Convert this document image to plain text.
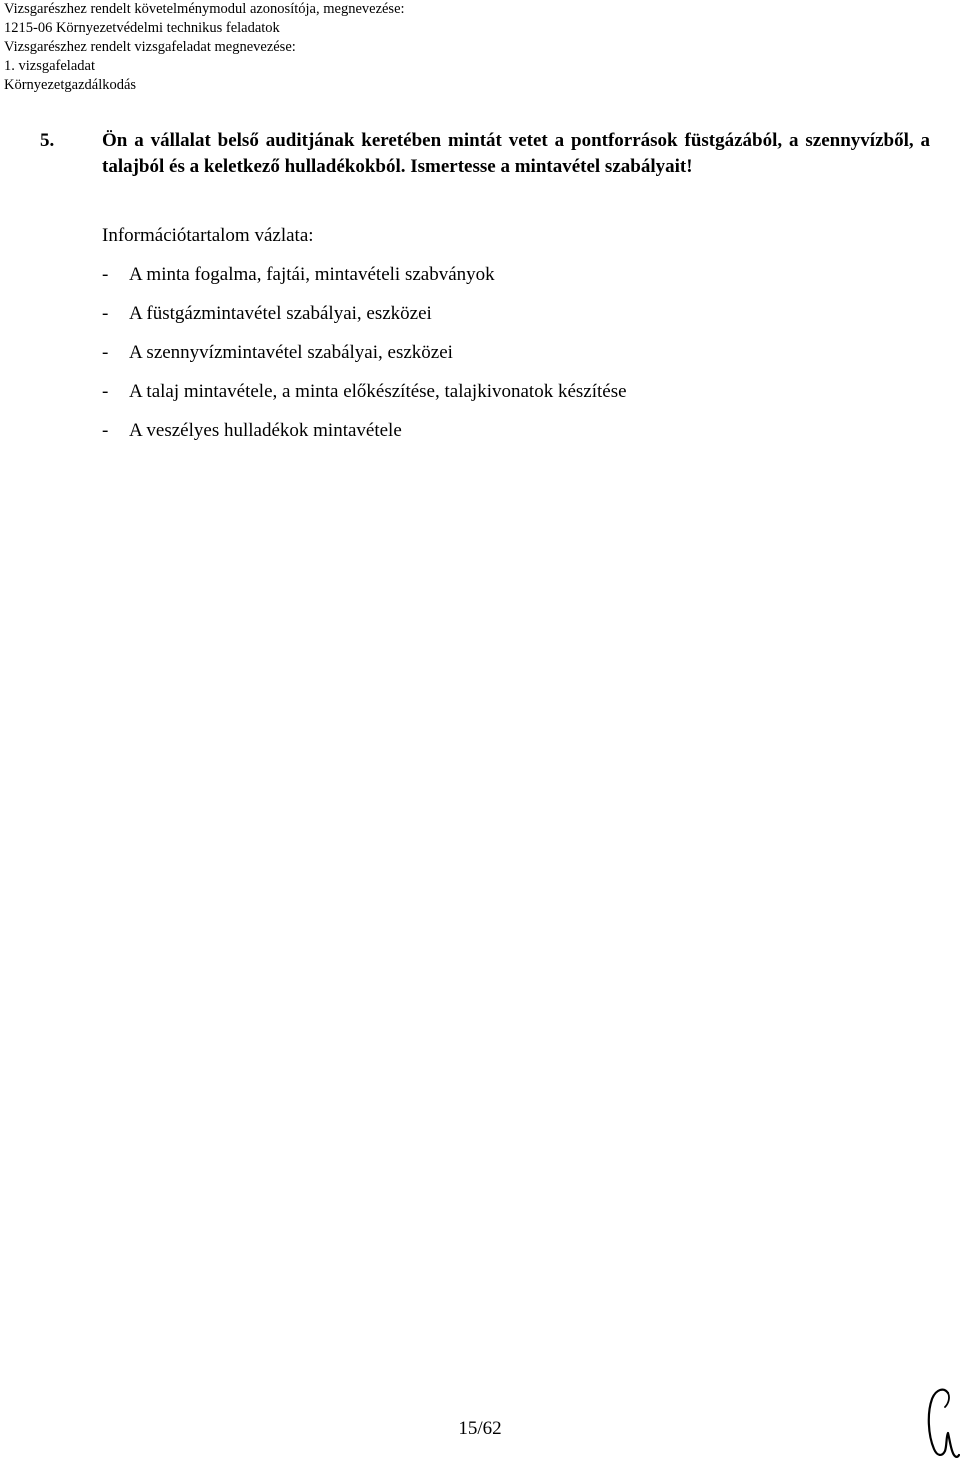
Vizsgarészhez rendelt követelménymodul azonosítója, megnevezése:
1215-06 Környezetvédelmi technikus feladatok
Vizsgarészhez rendelt vizsgafeladat megnevezése:
1. vizsgafeladat
Környezetgazdálkodás
5.	Ön a vállalat belső auditjának keretében mintát vetet a pontforrások füstgázából, a szennyvízből, a talajból és a keletkező hulladékokból. Ismertesse a mintavétel szabályait!
Információtartalom vázlata:
-	A minta fogalma, fajtái, mintavételi szabványok
-	A füstgázmintavétel szabályai, eszközei
-	A szennyvízmintavétel szabályai, eszközei
-	A talaj mintavétele, a minta előkészítése, talajkivonatok készítése
-	A veszélyes hulladékok mintavétele
15/62
